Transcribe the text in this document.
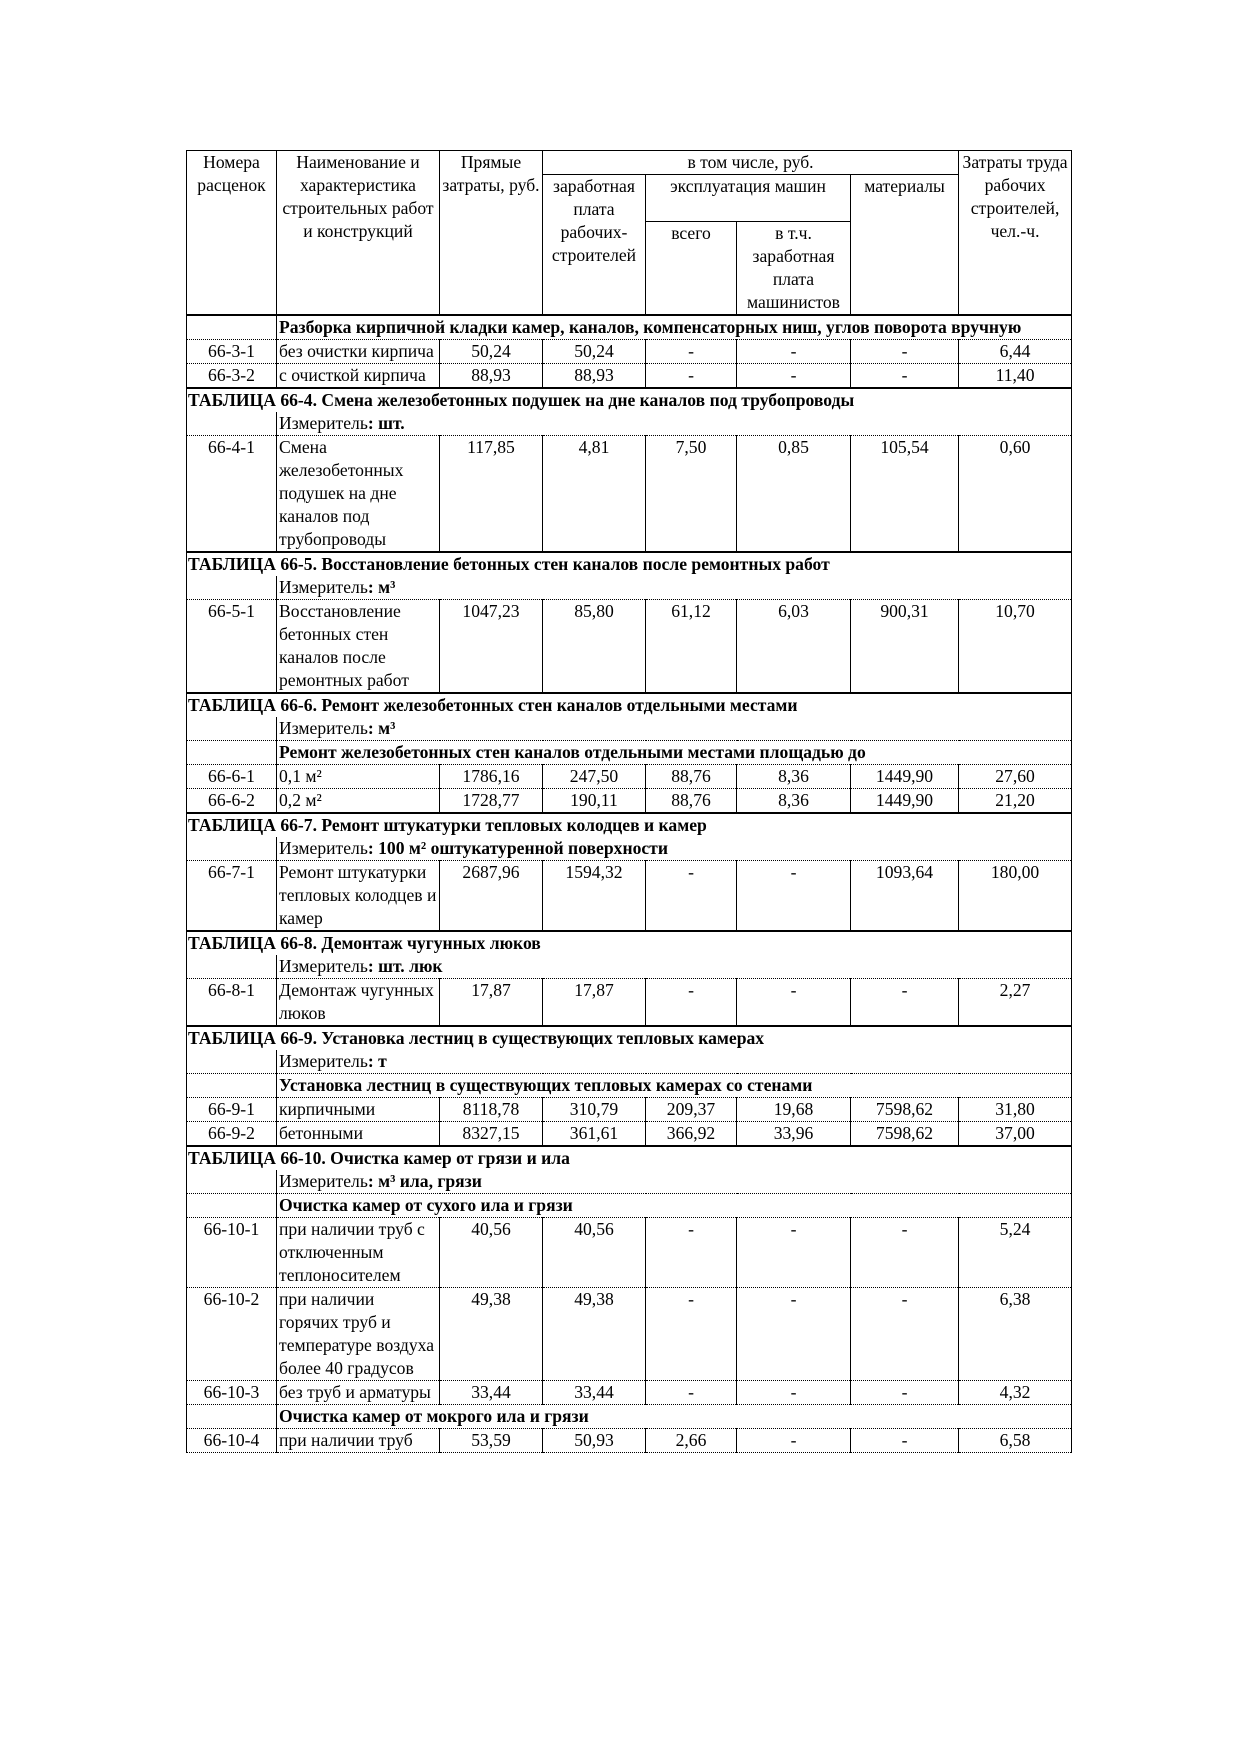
Номера расценок	Наименование и характеристика строительных работ и конструкций	Прямые затраты, руб.	в том числе, руб.				Затраты труда рабочих строителей, чел.-ч.
			заработная плата рабочих-строителей	эксплуатация машин		материалы	
				всего	в т.ч. заработная плата машинистов		
	Разборка кирпичной кладки камер, каналов, компенсаторных ниш, углов поворота вручную						
66-3-1	без очистки кирпича	50,24	50,24	-	-	-	6,44
66-3-2	с очисткой кирпича	88,93	88,93	-	-	-	11,40
ТАБЛИЦА 66-4. Смена железобетонных подушек на дне каналов под трубопроводы							
	Измеритель: шт.						
66-4-1	Смена железобетонных подушек на дне каналов под трубопроводы	117,85	4,81	7,50	0,85	105,54	0,60
ТАБЛИЦА 66-5. Восстановление бетонных стен каналов после ремонтных работ							
	Измеритель: м³						
66-5-1	Восстановление бетонных стен каналов после ремонтных работ	1047,23	85,80	61,12	6,03	900,31	10,70
ТАБЛИЦА 66-6. Ремонт железобетонных стен каналов отдельными местами							
	Измеритель: м³						
	Ремонт железобетонных стен каналов отдельными местами площадью до						
66-6-1	0,1 м²	1786,16	247,50	88,76	8,36	1449,90	27,60
66-6-2	0,2 м²	1728,77	190,11	88,76	8,36	1449,90	21,20
ТАБЛИЦА 66-7. Ремонт штукатурки тепловых колодцев и камер							
	Измеритель: 100 м² оштукатуренной поверхности						
66-7-1	Ремонт штукатурки тепловых колодцев и камер	2687,96	1594,32	-	-	1093,64	180,00
ТАБЛИЦА 66-8. Демонтаж чугунных люков							
	Измеритель: шт. люк						
66-8-1	Демонтаж чугунных люков	17,87	17,87	-	-	-	2,27
ТАБЛИЦА 66-9. Установка лестниц в существующих тепловых камерах							
	Измеритель: т						
	Установка лестниц в существующих тепловых камерах со стенами						
66-9-1	кирпичными	8118,78	310,79	209,37	19,68	7598,62	31,80
66-9-2	бетонными	8327,15	361,61	366,92	33,96	7598,62	37,00
ТАБЛИЦА 66-10. Очистка камер от грязи и ила							
	Измеритель: м³ ила, грязи						
	Очистка камер от сухого ила и грязи						
66-10-1	при наличии труб с отключенным теплоносителем	40,56	40,56	-	-	-	5,24
66-10-2	при наличии горячих труб и температуре воздуха более 40 градусов	49,38	49,38	-	-	-	6,38
66-10-3	без труб и арматуры	33,44	33,44	-	-	-	4,32
	Очистка камер от мокрого ила и грязи						
66-10-4	при наличии труб	53,59	50,93	2,66	-	-	6,58
